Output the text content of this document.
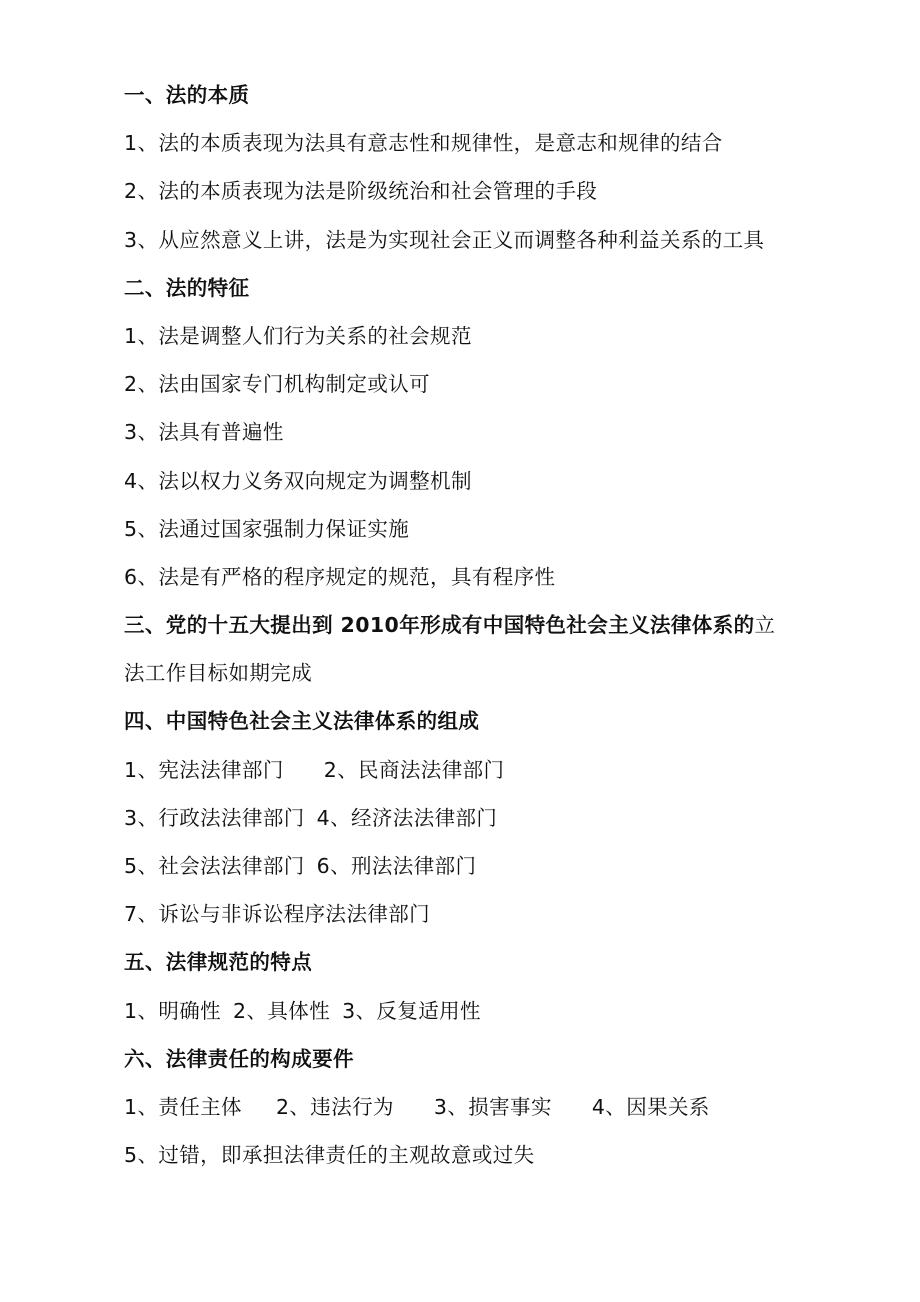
一、法的本质
1、法的本质表现为法具有意志性和规律性，是意志和规律的结合
2、法的本质表现为法是阶级统治和社会管理的手段
3、从应然意义上讲，法是为实现社会正义而调整各种利益关系的工具
二、法的特征
1、法是调整人们行为关系的社会规范
2、法由国家专门机构制定或认可
3、法具有普遍性
4、法以权力义务双向规定为调整机制
5、法通过国家强制力保证实施
6、法是有严格的程序规定的规范，具有程序性
三、党的十五大提出到 2010年形成有中国特色社会主义法律体系的立
法工作目标如期完成
四、中国特色社会主义法律体系的组成
1、宪法法律部门 2、民商法法律部门
3、行政法法律部门 4、经济法法律部门
5、社会法法律部门 6、刑法法律部门
7、诉讼与非诉讼程序法法律部门
五、法律规范的特点
1、明确性 2、具体性 3、反复适用性
六、法律责任的构成要件
1、责任主体 2、违法行为 3、损害事实 4、因果关系
5、过错，即承担法律责任的主观故意或过失
